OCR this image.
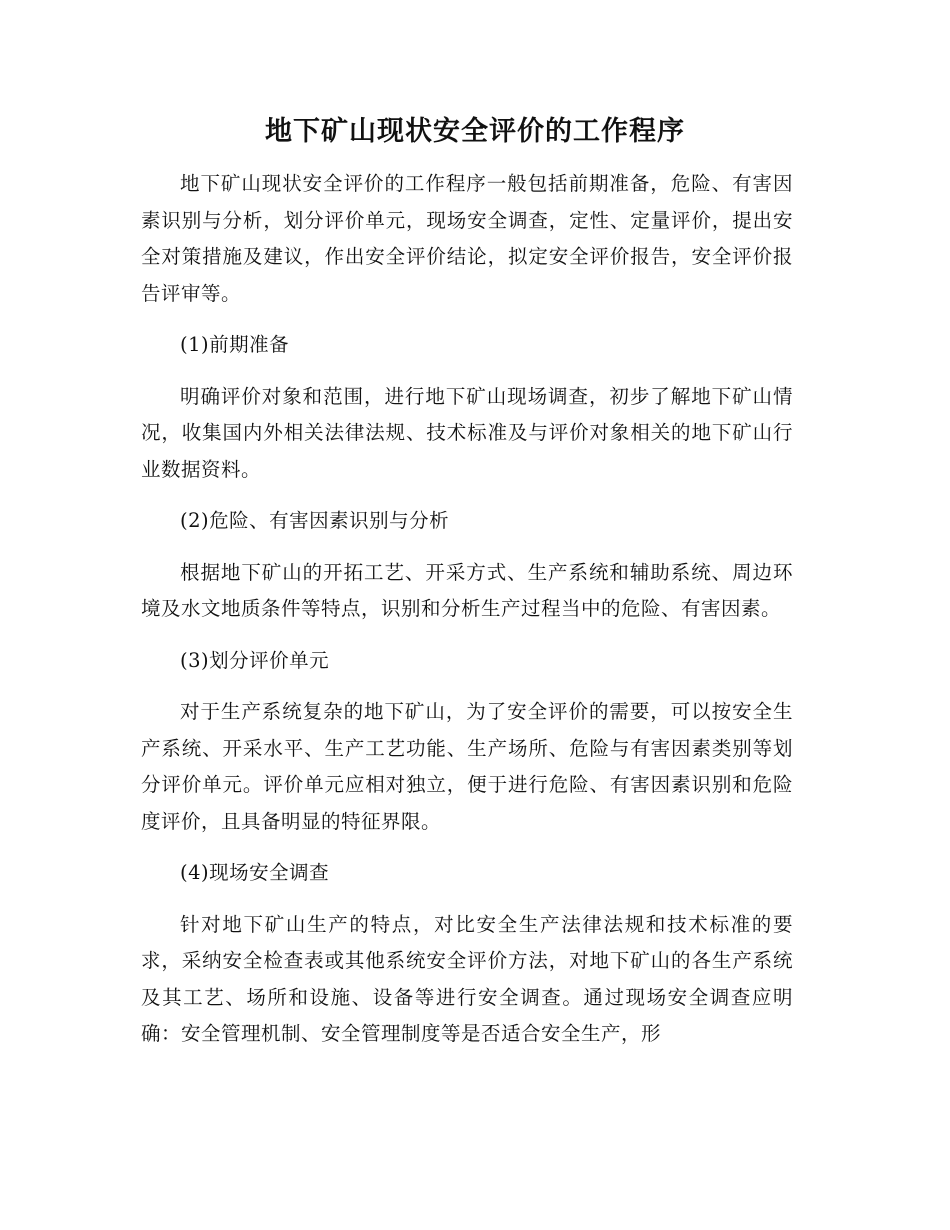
地下矿山现状安全评价的工作程序

地下矿山现状安全评价的工作程序一般包括前期准备，危险、有害因素识别与分析，划分评价单元，现场安全调查，定性、定量评价，提出安全对策措施及建议，作出安全评价结论，拟定安全评价报告，安全评价报告评审等。

(1)前期准备

明确评价对象和范围，进行地下矿山现场调查，初步了解地下矿山情况，收集国内外相关法律法规、技术标准及与评价对象相关的地下矿山行业数据资料。

(2)危险、有害因素识别与分析

根据地下矿山的开拓工艺、开采方式、生产系统和辅助系统、周边环境及水文地质条件等特点，识别和分析生产过程当中的危险、有害因素。

(3)划分评价单元

对于生产系统复杂的地下矿山，为了安全评价的需要，可以按安全生产系统、开采水平、生产工艺功能、生产场所、危险与有害因素类别等划分评价单元。评价单元应相对独立，便于进行危险、有害因素识别和危险度评价，且具备明显的特征界限。

(4)现场安全调查

针对地下矿山生产的特点，对比安全生产法律法规和技术标准的要求，采纳安全检查表或其他系统安全评价方法，对地下矿山的各生产系统及其工艺、场所和设施、设备等进行安全调查。通过现场安全调查应明确：安全管理机制、安全管理制度等是否适合安全生产，形
